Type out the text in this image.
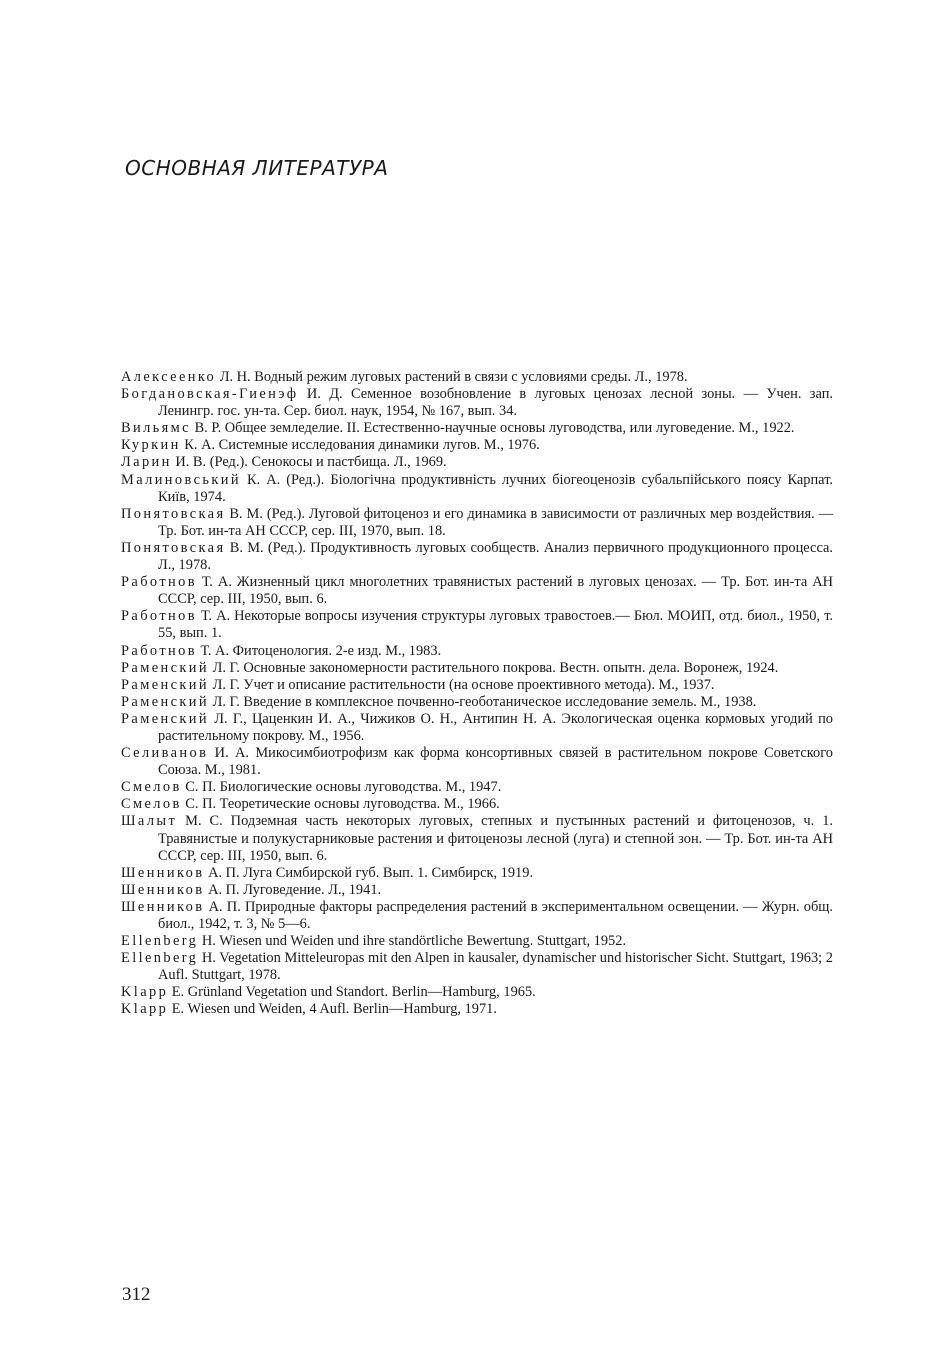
ОСНОВНАЯ ЛИТЕРАТУРА
Алексеенко Л. Н. Водный режим луговых растений в связи с условиями среды. Л., 1978.
Богдановская-Гиенэф И. Д. Семенное возобновление в луговых ценозах лесной зоны. — Учен. зап. Ленингр. гос. ун-та. Сер. биол. наук, 1954, № 167, вып. 34.
Вильямс В. Р. Общее земледелие. II. Естественно-научные основы луговодства, или луговедение. М., 1922.
Куркин К. А. Системные исследования динамики лугов. М., 1976.
Ларин И. В. (Ред.). Сенокосы и пастбища. Л., 1969.
Малиновський К. А. (Ред.). Біологічна продуктивність лучних біогеоценозів субальпійського поясу Карпат. Київ, 1974.
Понятовская В. М. (Ред.). Луговой фитоценоз и его динамика в зависимости от различных мер воздействия. — Тр. Бот. ин-та АН СССР, сер. III, 1970, вып. 18.
Понятовская В. М. (Ред.). Продуктивность луговых сообществ. Анализ первичного продукционного процесса. Л., 1978.
Работнов Т. А. Жизненный цикл многолетних травянистых растений в луговых ценозах. — Тр. Бот. ин-та АН СССР, сер. III, 1950, вып. 6.
Работнов Т. А. Некоторые вопросы изучения структуры луговых травостоев.— Бюл. МОИП, отд. биол., 1950, т. 55, вып. 1.
Работнов Т. А. Фитоценология. 2-е изд. М., 1983.
Раменский Л. Г. Основные закономерности растительного покрова. Вестн. опытн. дела. Воронеж, 1924.
Раменский Л. Г. Учет и описание растительности (на основе проективного метода). М., 1937.
Раменский Л. Г. Введение в комплексное почвенно-геоботаническое исследование земель. М., 1938.
Раменский Л. Г., Цаценкин И. А., Чижиков О. Н., Антипин Н. А. Экологическая оценка кормовых угодий по растительному покрову. М., 1956.
Селиванов И. А. Микосимбиотрофизм как форма консортивных связей в растительном покрове Советского Союза. М., 1981.
Смелов С. П. Биологические основы луговодства. М., 1947.
Смелов С. П. Теоретические основы луговодства. М., 1966.
Шалыт М. С. Подземная часть некоторых луговых, степных и пустынных растений и фитоценозов, ч. 1. Травянистые и полукустарниковые растения и фитоценозы лесной (луга) и степной зон. — Тр. Бот. ин-та АН СССР, сер. III, 1950, вып. 6.
Шенников А. П. Луга Симбирской губ. Вып. 1. Симбирск, 1919.
Шенников А. П. Луговедение. Л., 1941.
Шенников А. П. Природные факторы распределения растений в экспериментальном освещении. — Журн. общ. биол., 1942, т. 3, № 5—6.
Ellenberg H. Wiesen und Weiden und ihre standörtliche Bewertung. Stuttgart, 1952.
Ellenberg H. Vegetation Mitteleuropas mit den Alpen in kausaler, dynamischer und historischer Sicht. Stuttgart, 1963; 2 Aufl. Stuttgart, 1978.
Klapp E. Grünland Vegetation und Standort. Berlin—Hamburg, 1965.
Klapp E. Wiesen und Weiden, 4 Aufl. Berlin—Hamburg, 1971.
312
